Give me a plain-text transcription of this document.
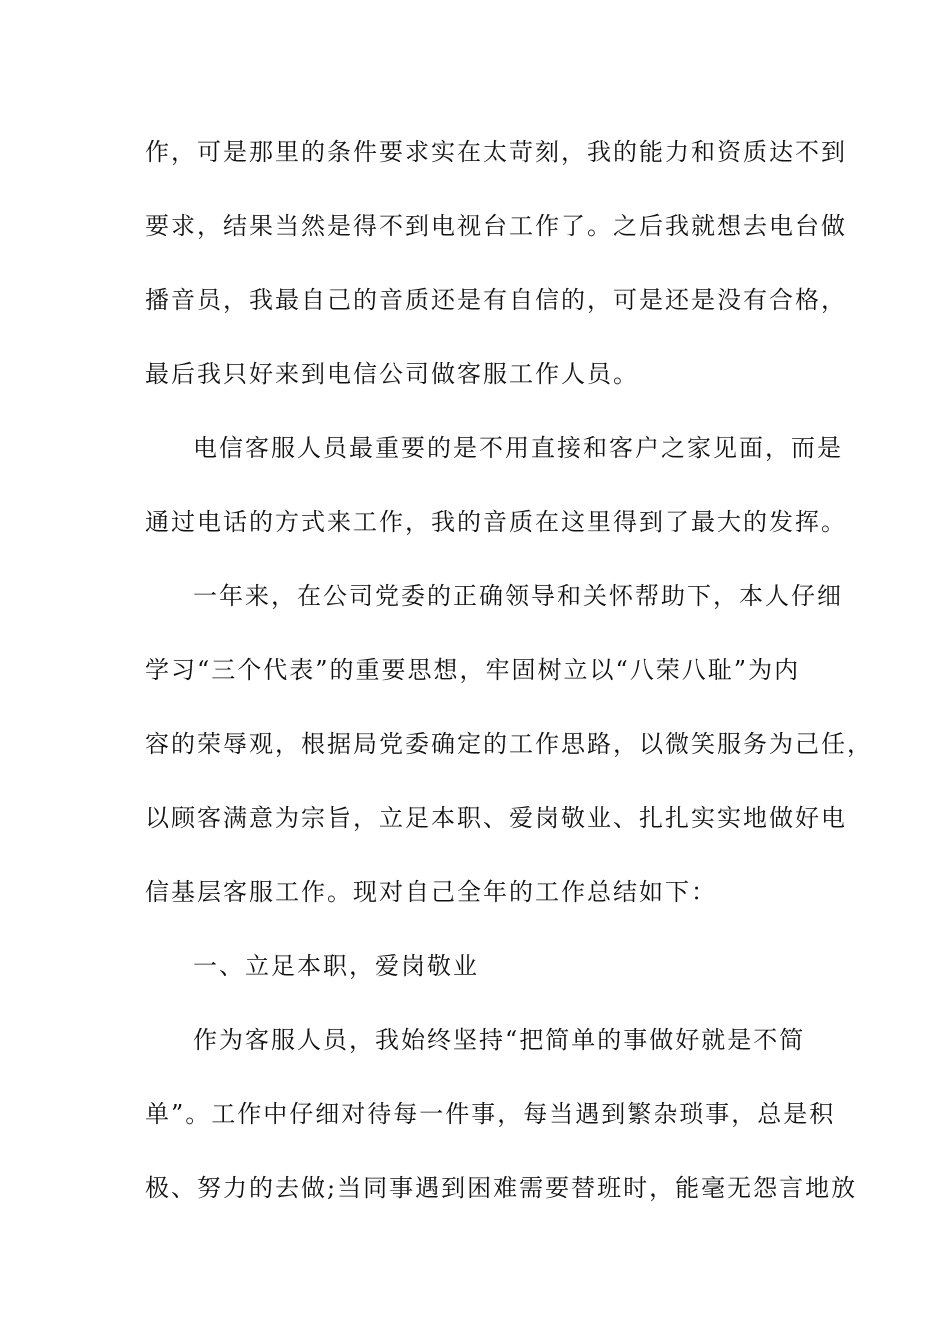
作，可是那里的条件要求实在太苛刻，我的能力和资质达不到
要求，结果当然是得不到电视台工作了。之后我就想去电台做
播音员，我最自己的音质还是有自信的，可是还是没有合格，
最后我只好来到电信公司做客服工作人员。
电信客服人员最重要的是不用直接和客户之家见面，而是
通过电话的方式来工作，我的音质在这里得到了最大的发挥。
一年来，在公司党委的正确领导和关怀帮助下，本人仔细
学习“三个代表”的重要思想，牢固树立以“八荣八耻”为内
容的荣辱观，根据局党委确定的工作思路，以微笑服务为己任，
以顾客满意为宗旨，立足本职、爱岗敬业、扎扎实实地做好电
信基层客服工作。现对自己全年的工作总结如下：
一、立足本职，爱岗敬业
作为客服人员，我始终坚持“把简单的事做好就是不简
单”。工作中仔细对待每一件事，每当遇到繁杂琐事，总是积
极、努力的去做;当同事遇到困难需要替班时，能毫无怨言地放
